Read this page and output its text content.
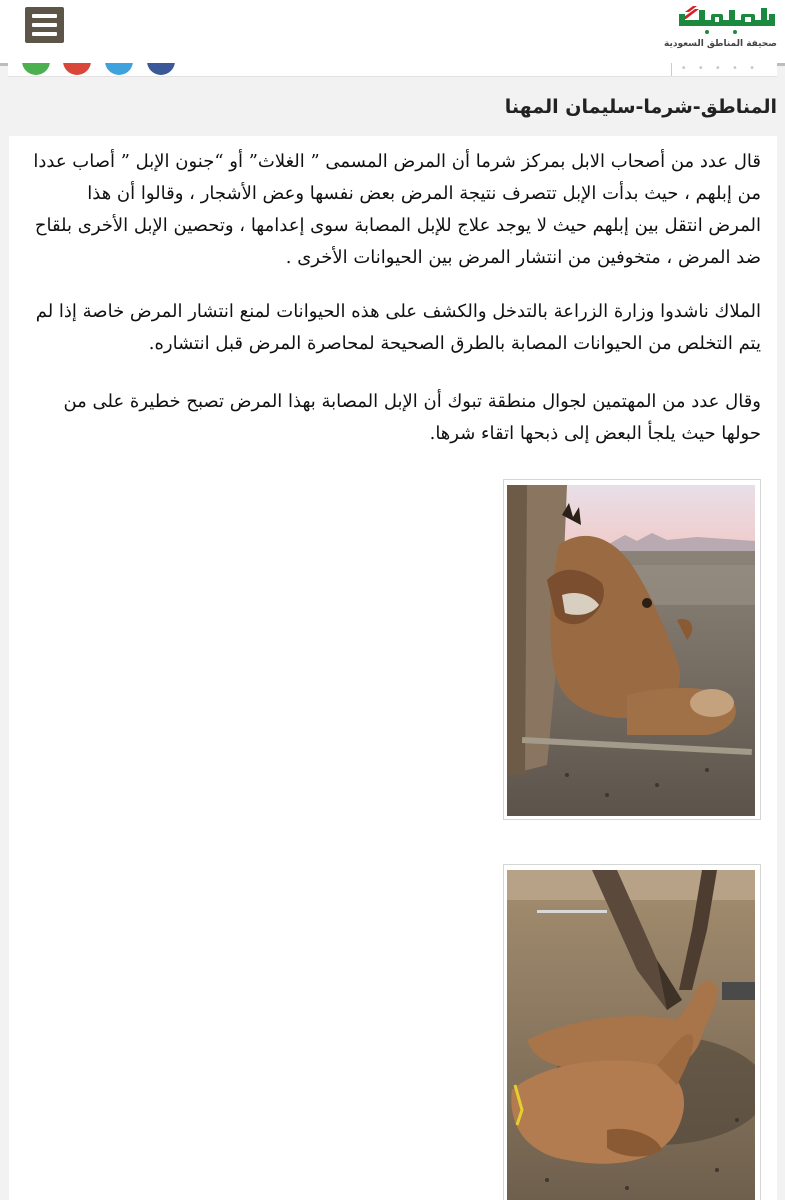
صحيفة المناطق السعودية
• • • • •
المناطق-شرما-سليمان المهنا

قال عدد من أصحاب الابل بمركز شرما أن المرض المسمى ” الغلاث” أو “جنون الإبل ” أصاب عددا من إبلهم ، حيث بدأت الإبل تتصرف نتيجة المرض بعض نفسها وعض الأشجار ، وقالوا أن هذا المرض انتقل بين إبلهم حيث لا يوجد علاج للإبل المصابة سوى إعدامها ، وتحصين الإبل الأخرى بلقاح ضد المرض ، متخوفين من انتشار المرض بين الحيوانات الأخرى .

الملاك ناشدوا وزارة الزراعة بالتدخل والكشف على هذه الحيوانات لمنع انتشار المرض خاصة إذا لم يتم التخلص من الحيوانات المصابة بالطرق الصحيحة لمحاصرة المرض قبل انتشاره.

وقال عدد من المهتمين لجوال منطقة تبوك أن الإبل المصابة بهذا المرض تصبح خطيرة على من حولها حيث يلجأ البعض إلى ذبحها اتقاء شرها.
